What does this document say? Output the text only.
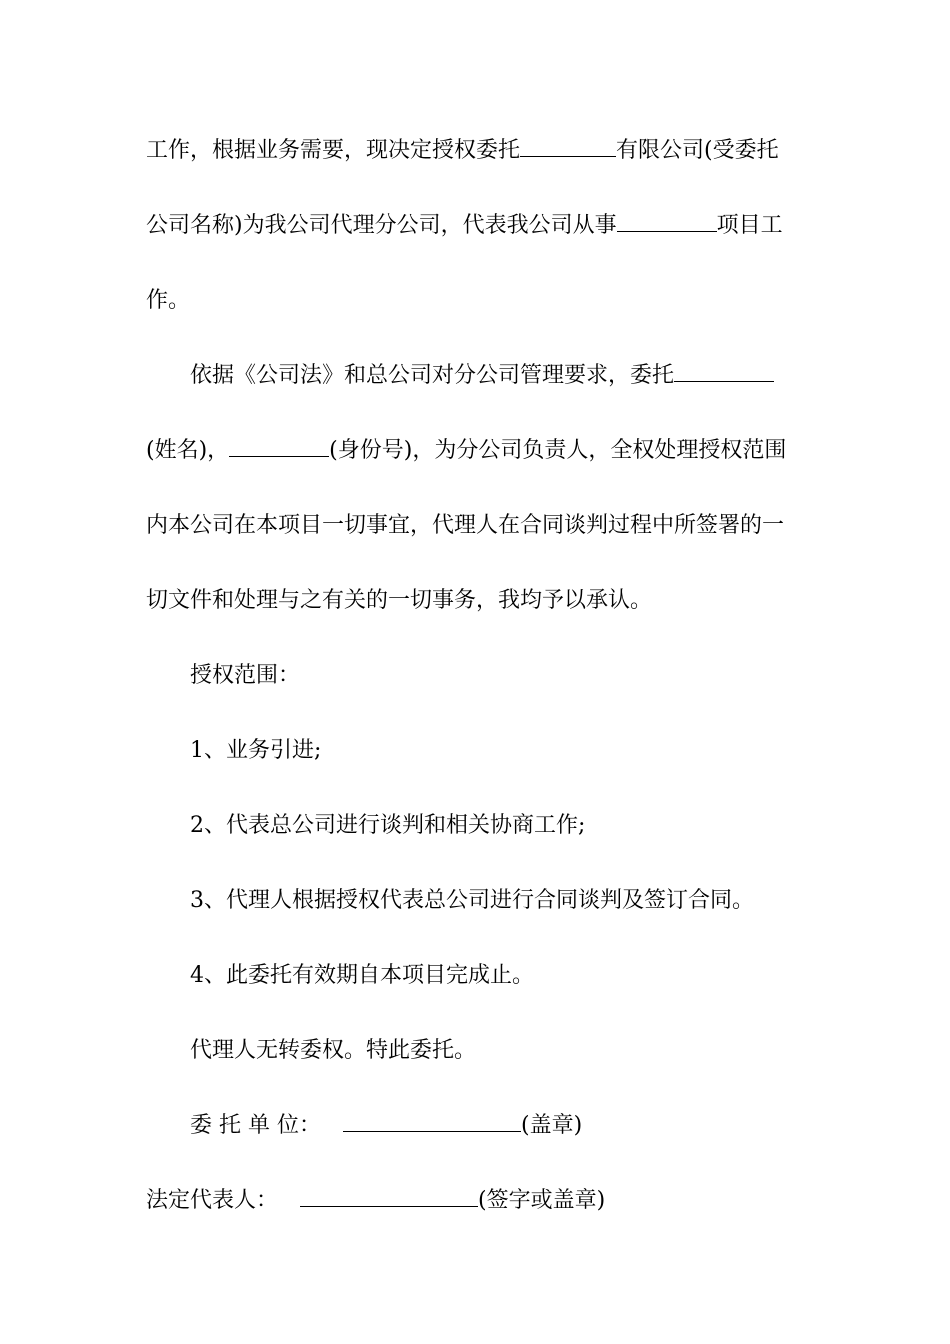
工作，根据业务需要，现决定授权委托	有限公司(受委托
公司名称)为我公司代理分公司，代表我公司从事	项目工
作。
依据《公司法》和总公司对分公司管理要求，委托
(姓名)，	(身份号)，为分公司负责人，全权处理授权范围
内本公司在本项目一切事宜，代理人在合同谈判过程中所签署的一
切文件和处理与之有关的一切事务，我均予以承认。
授权范围：
1、业务引进;
2、代表总公司进行谈判和相关协商工作;
3、代理人根据授权代表总公司进行合同谈判及签订合同。
4、此委托有效期自本项目完成止。
代理人无转委权。特此委托。
委 托 单 位：	(盖章)
法定代表人：	(签字或盖章)
